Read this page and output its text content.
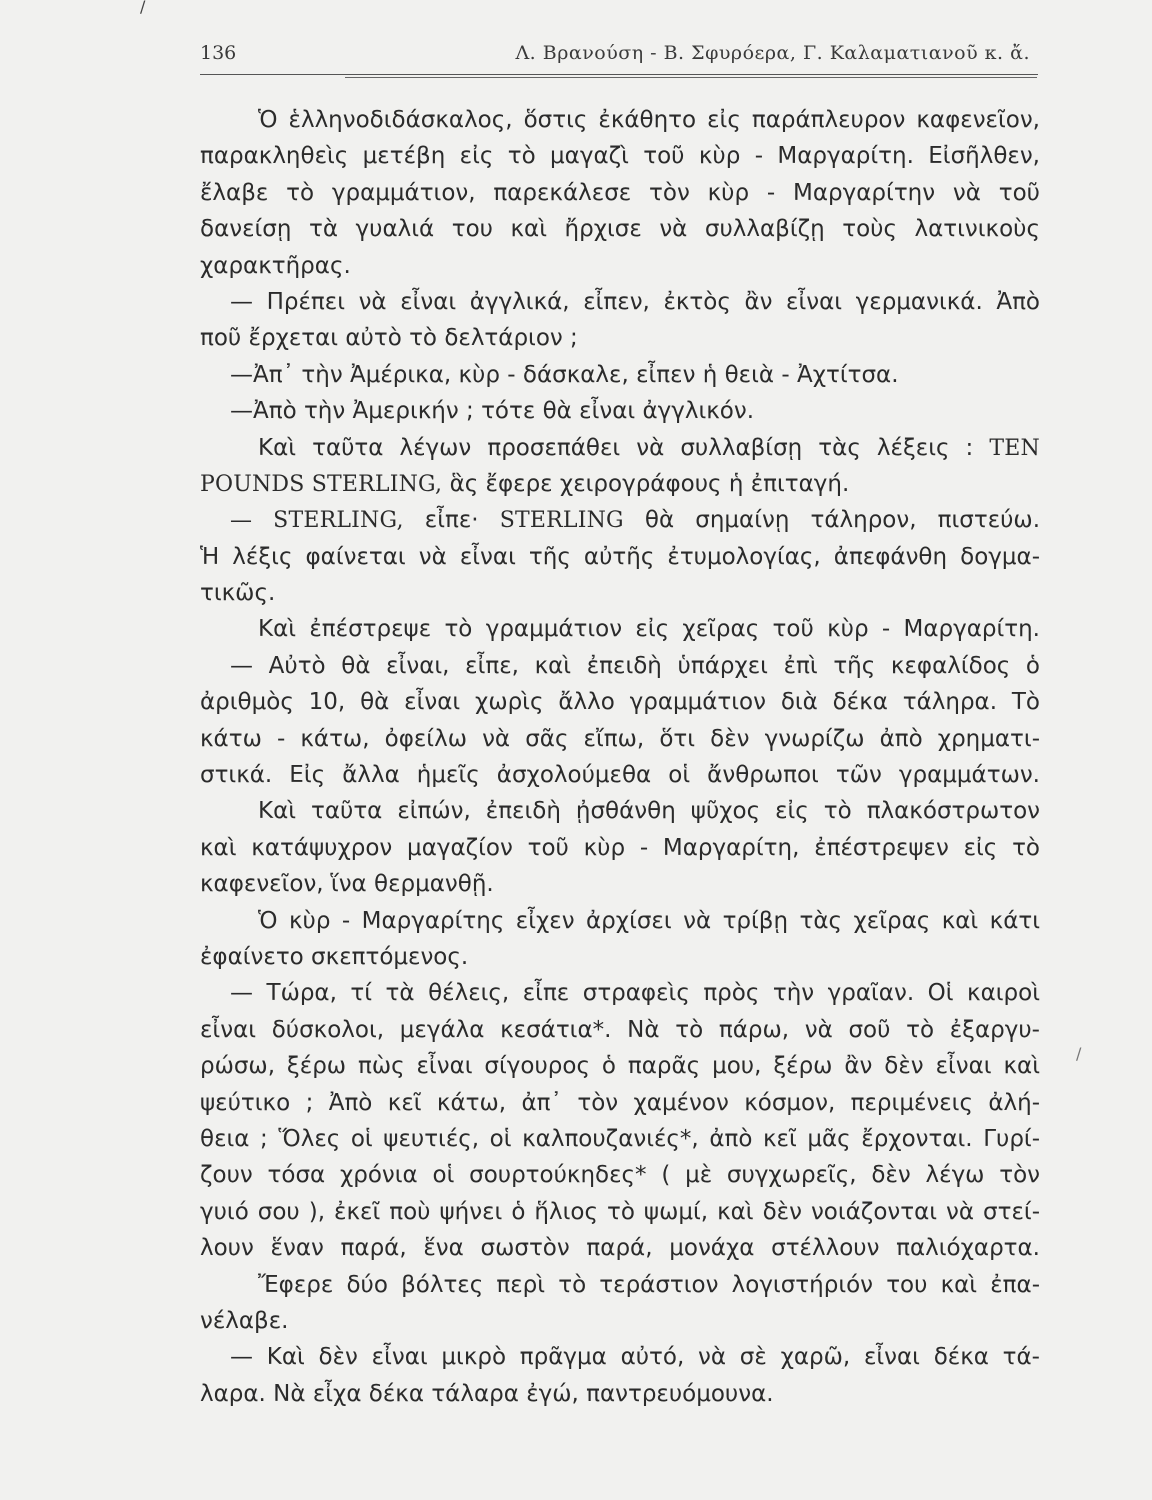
/
136	Λ. Βρανούση - Β. Σφυρόερα, Γ. Καλαματιανοῦ κ. ἄ.
Ὁ ἑλληνοδιδάσκαλος, ὅστις ἐκάθητο εἰς παράπλευρον καφενεῖον,
παρακληθεὶς μετέβη εἰς τὸ μαγαζὶ τοῦ κὺρ - Μαργαρίτη. Εἰσῆλθεν,
ἔλαβε τὸ γραμμάτιον, παρεκάλεσε τὸν κὺρ - Μαργαρίτην νὰ τοῦ
δανείσῃ τὰ γυαλιά του καὶ ἤρχισε νὰ συλλαβίζῃ τοὺς λατινικοὺς
χαρακτῆρας.
— Πρέπει νὰ εἶναι ἀγγλικά, εἶπεν, ἐκτὸς ἂν εἶναι γερμανικά. Ἀπὸ
ποῦ ἔρχεται αὐτὸ τὸ δελτάριον ;
—Ἀπ᾽ τὴν Ἀμέρικα, κὺρ - δάσκαλε, εἶπεν ἡ θειὰ - Ἀχτίτσα.
—Ἀπὸ τὴν Ἀμερικήν ; τότε θὰ εἶναι ἀγγλικόν.
Καὶ ταῦτα λέγων προσεπάθει νὰ συλλαβίσῃ τὰς λέξεις : TEN
POUNDS STERLING, ἃς ἔφερε χειρογράφους ἡ ἐπιταγή.
— STERLING, εἶπε· STERLING θὰ σημαίνῃ τάληρον, πιστεύω.
Ἡ λέξις φαίνεται νὰ εἶναι τῆς αὐτῆς ἐτυμολογίας, ἀπεφάνθη δογμα-
τικῶς.
Καὶ ἐπέστρεψε τὸ γραμμάτιον εἰς χεῖρας τοῦ κὺρ - Μαργαρίτη.
— Αὐτὸ θὰ εἶναι, εἶπε, καὶ ἐπειδὴ ὑπάρχει ἐπὶ τῆς κεφαλίδος ὁ
ἀριθμὸς 10, θὰ εἶναι χωρὶς ἄλλο γραμμάτιον διὰ δέκα τάληρα. Τὸ
κάτω - κάτω, ὀφείλω νὰ σᾶς εἴπω, ὅτι δὲν γνωρίζω ἀπὸ χρηματι-
στικά. Εἰς ἄλλα ἡμεῖς ἀσχολούμεθα οἱ ἄνθρωποι τῶν γραμμάτων.
Καὶ ταῦτα εἰπών, ἐπειδὴ ᾐσθάνθη ψῦχος εἰς τὸ πλακόστρωτον
καὶ κατάψυχρον μαγαζίον τοῦ κὺρ - Μαργαρίτη, ἐπέστρεψεν εἰς τὸ
καφενεῖον, ἵνα θερμανθῇ.
Ὁ κὺρ - Μαργαρίτης εἶχεν ἀρχίσει νὰ τρίβῃ τὰς χεῖρας καὶ κάτι
ἐφαίνετο σκεπτόμενος.
— Τώρα, τί τὰ θέλεις, εἶπε στραφεὶς πρὸς τὴν γραῖαν. Οἱ καιροὶ
εἶναι δύσκολοι, μεγάλα κεσάτια*. Νὰ τὸ πάρω, νὰ σοῦ τὸ ἐξαργυ-
ρώσω, ξέρω πὼς εἶναι σίγουρος ὁ παρᾶς μου, ξέρω ἂν δὲν εἶναι καὶ
ψεύτικο ; Ἀπὸ κεῖ κάτω, ἀπ᾽ τὸν χαμένον κόσμον, περιμένεις ἀλή-
θεια ; Ὅλες οἱ ψευτιές, οἱ καλπουζανιές*, ἀπὸ κεῖ μᾶς ἔρχονται. Γυρί-
ζουν τόσα χρόνια οἱ σουρτούκηδες* ( μὲ συγχωρεῖς, δὲν λέγω τὸν
γυιό σου ), ἐκεῖ ποὺ ψήνει ὁ ἥλιος τὸ ψωμί, καὶ δὲν νοιάζονται νὰ στεί-
λουν ἕναν παρά, ἕνα σωστὸν παρά, μονάχα στέλλουν παλιόχαρτα.
Ἔφερε δύο βόλτες περὶ τὸ τεράστιον λογιστήριόν του καὶ ἐπα-
νέλαβε.
— Καὶ δὲν εἶναι μικρὸ πρᾶγμα αὐτό, νὰ σὲ χαρῶ, εἶναι δέκα τά-
λαρα. Νὰ εἶχα δέκα τάλαρα ἐγώ, παντρευόμουνα.
/
